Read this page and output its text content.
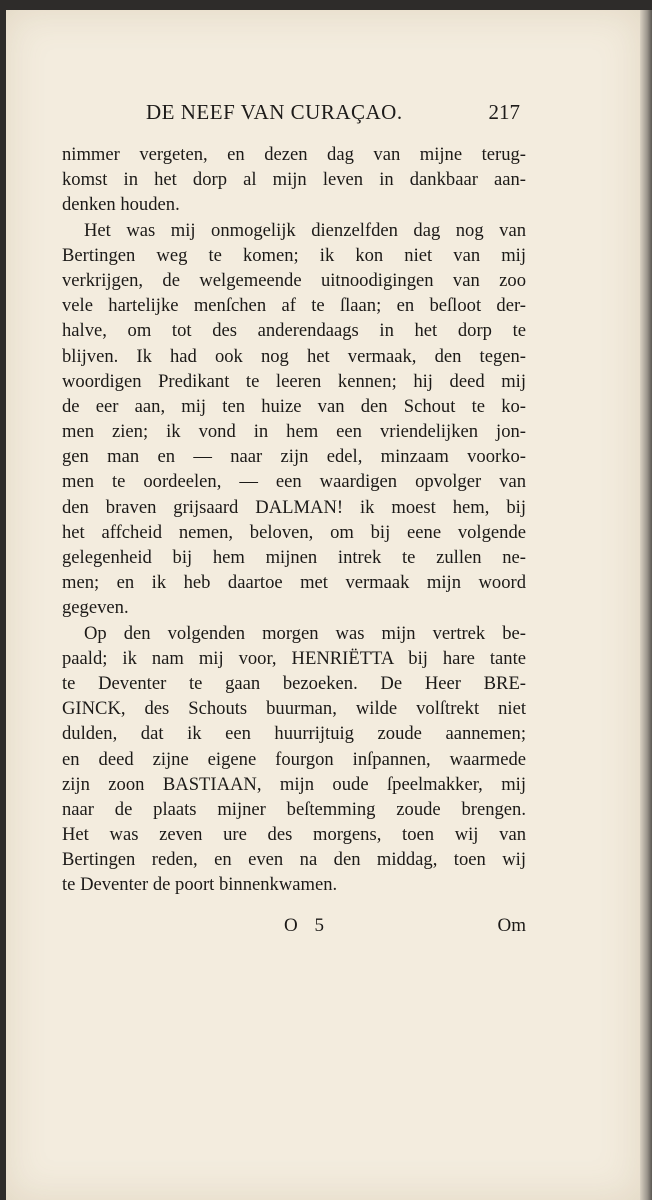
DE NEEF VAN CURAÇAO.	217
nimmer vergeten, en dezen dag van mijne terug-
komst in het dorp al mijn leven in dankbaar aan-
denken houden.
Het was mij onmogelijk dienzelfden dag nog van
Bertingen weg te komen; ik kon niet van mij
verkrijgen, de welgemeende uitnoodigingen van zoo
vele hartelijke menſchen af te ſlaan; en beſloot der-
halve, om tot des anderendaags in het dorp te
blijven. Ik had ook nog het vermaak, den tegen-
woordigen Predikant te leeren kennen; hij deed mij
de eer aan, mij ten huize van den Schout te ko-
men zien; ik vond in hem een vriendelijken jon-
gen man en — naar zijn edel, minzaam voorko-
men te oordeelen, — een waardigen opvolger van
den braven grijsaard DALMAN! ik moest hem, bij
het affcheid nemen, beloven, om bij eene volgende
gelegenheid bij hem mijnen intrek te zullen ne-
men; en ik heb daartoe met vermaak mijn woord
gegeven.
Op den volgenden morgen was mijn vertrek be-
paald; ik nam mij voor, HENRIËTTA bij hare tante
te Deventer te gaan bezoeken. De Heer BRE-
GINCK, des Schouts buurman, wilde volſtrekt niet
dulden, dat ik een huurrijtuig zoude aannemen;
en deed zijne eigene fourgon inſpannen, waarmede
zijn zoon BASTIAAN, mijn oude ſpeelmakker, mij
naar de plaats mijner beſtemming zoude brengen.
Het was zeven ure des morgens, toen wij van
Bertingen reden, en even na den middag, toen wij
te Deventer de poort binnenkwamen.
O 5	Om
